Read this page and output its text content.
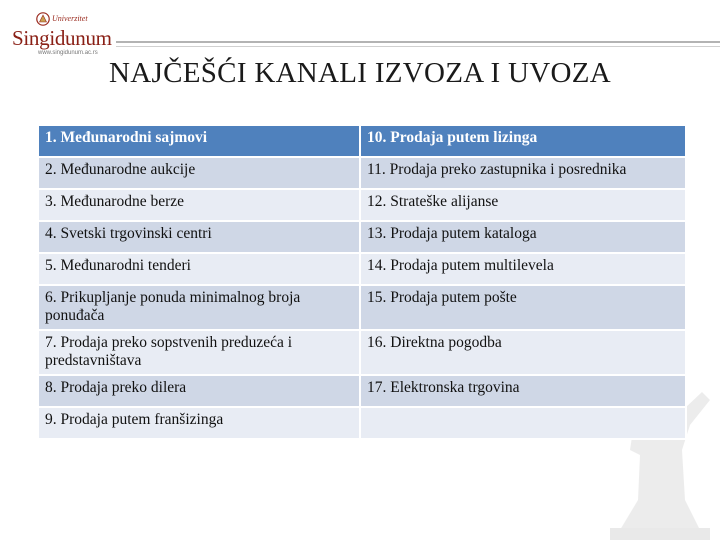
Univerzitet
Singidunum
www.singidunum.ac.rs
NAJČEŠĆI KANALI IZVOZA I UVOZA
1. Međunarodni sajmovi	10. Prodaja putem lizinga
2. Međunarodne aukcije	11. Prodaja preko zastupnika i posrednika
3. Međunarodne berze	12. Strateške alijanse
4. Svetski trgovinski centri	13. Prodaja putem kataloga
5. Međunarodni tenderi	14. Prodaja putem multilevela
6. Prikupljanje ponuda minimalnog broja ponuđača	15. Prodaja putem pošte
7. Prodaja preko sopstvenih preduzeća i predstavništava	16. Direktna pogodba
8. Prodaja preko dilera	17. Elektronska trgovina
9. Prodaja putem franšizinga	
